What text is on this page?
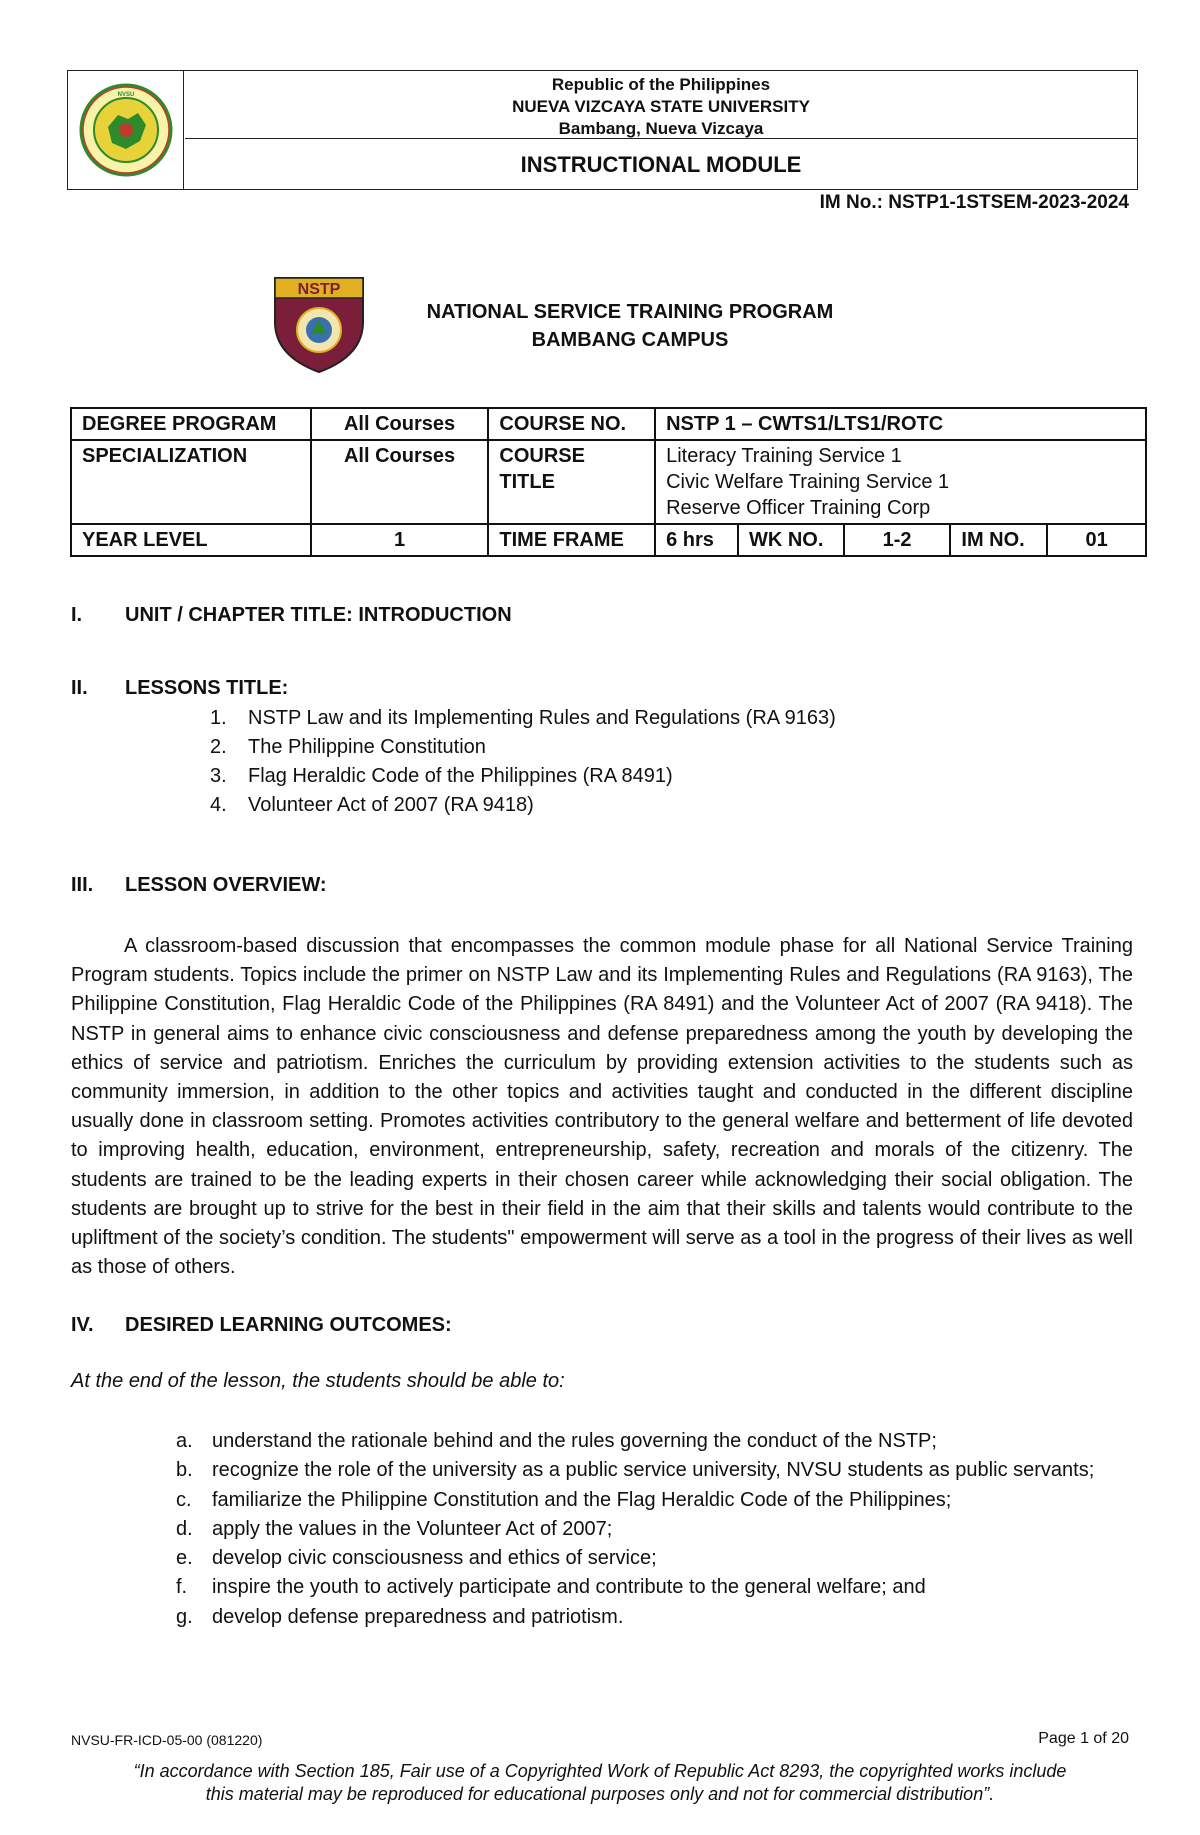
NVSU
Republic of the Philippines
NUEVA VIZCAYA STATE UNIVERSITY
Bambang, Nueva Vizcaya
INSTRUCTIONAL MODULE
IM No.: NSTP1-1STSEM-2023-2024
NSTP
NATIONAL SERVICE TRAINING PROGRAM
BAMBANG CAMPUS
DEGREE PROGRAM	All Courses	COURSE NO.	NSTP 1 – CWTS1/LTS1/ROTC				
SPECIALIZATION	All Courses	COURSE TITLE	Literacy Training Service 1
Civic Welfare Training Service 1
Reserve Officer Training Corp				

YEAR LEVEL	1	TIME FRAME	6 hrs	WK NO.	1-2	IM NO.	01
I. UNIT / CHAPTER TITLE: INTRODUCTION
II. LESSONS TITLE:
1. NSTP Law and its Implementing Rules and Regulations (RA 9163)
2. The Philippine Constitution
3. Flag Heraldic Code of the Philippines (RA 8491)
4. Volunteer Act of 2007 (RA 9418)
III. LESSON OVERVIEW:

A classroom-based discussion that encompasses the common module phase for all National Service Training Program students. Topics include the primer on NSTP Law and its Implementing Rules and Regulations (RA 9163), The Philippine Constitution, Flag Heraldic Code of the Philippines (RA 8491) and the Volunteer Act of 2007 (RA 9418). The NSTP in general aims to enhance civic consciousness and defense preparedness among the youth by developing the ethics of service and patriotism. Enriches the curriculum by providing extension activities to the students such as community immersion, in addition to the other topics and activities taught and conducted in the different discipline usually done in classroom setting. Promotes activities contributory to the general welfare and betterment of life devoted to improving health, education, environment, entrepreneurship, safety, recreation and morals of the citizenry. The students are trained to be the leading experts in their chosen career while acknowledging their social obligation. The students are brought up to strive for the best in their field in the aim that their skills and talents would contribute to the upliftment of the society’s condition. The students" empowerment will serve as a tool in the progress of their lives as well as those of others.

IV. DESIRED LEARNING OUTCOMES:
At the end of the lesson, the students should be able to:
a. understand the rationale behind and the rules governing the conduct of the NSTP;
b. recognize the role of the university as a public service university, NVSU students as public servants;
c. familiarize the Philippine Constitution and the Flag Heraldic Code of the Philippines;
d. apply the values in the Volunteer Act of 2007;
e. develop civic consciousness and ethics of service;
f. inspire the youth to actively participate and contribute to the general welfare; and
g. develop defense preparedness and patriotism.
NVSU-FR-ICD-05-00 (081220)	Page 1 of 20
“In accordance with Section 185, Fair use of a Copyrighted Work of Republic Act 8293, the copyrighted works include
this material may be reproduced for educational purposes only and not for commercial distribution”.
